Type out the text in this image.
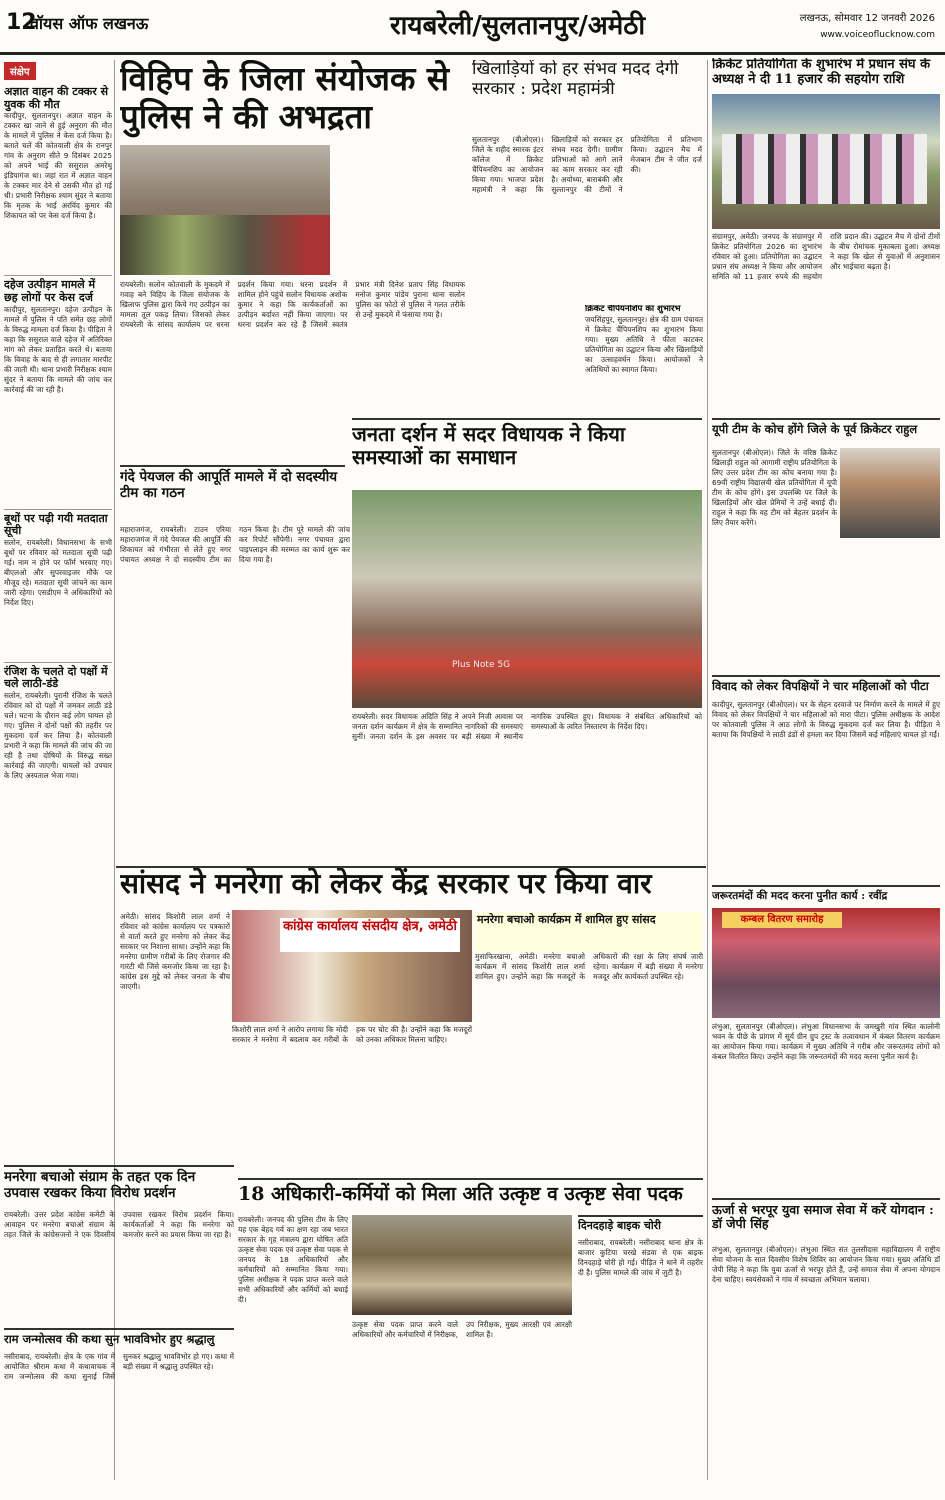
12
वॉयस ऑफ लखनऊ	रायबरेली/सुलतानपुर/अमेठी	लखनऊ, सोमवार 12 जनवरी 2026
www.voiceoflucknow.com
संक्षेप
अज्ञात वाहन की टक्कर से युवक की मौत
कादीपुर, सुलतानपुर। अज्ञात वाहन के टक्कर खा जाने से हुई अनुराग की मौत के मामले में पुलिस ने केस दर्ज किया है। बताते चलें की कोतवाली क्षेत्र के रानपुर गांव के अनुराग सीते 9 दिसंबर 2025 को अपने भाई की ससुराल अमरेथू इंडियागंज था। जहां रात में अज्ञात वाहन के टक्कर मार देने से उसकी मौत हो गई थी। प्रभारी निरीक्षक श्याम सुंदर ने बताया कि मृतक के भाई अरविंद कुमार की शिकायत को पर केस दर्ज किया है।
दहेज उत्पीड़न मामले में छह लोगों पर केस दर्ज
कादीपुर, सुलतानपुर। दहेज उत्पीड़न के मामले में पुलिस ने पति समेत छह लोगों के विरुद्ध मामला दर्ज किया है। पीड़िता ने कहा कि ससुराल वाले दहेज में अतिरिक्त मांग को लेकर प्रताड़ित करते थे। बताया कि विवाह के बाद से ही लगातार मारपीट की जाती थी। थाना प्रभारी निरीक्षक श्याम सुंदर ने बताया कि मामले की जांच कर कार्रवाई की जा रही है।
बूथों पर पढ़ी गयी मतदाता सूची
सलोन, रायबरेली। विधानसभा के सभी बूथों पर रविवार को मतदाता सूची पढ़ी गई। नाम न होने पर फॉर्म भरवाए गए। बीएलओ और सुपरवाइजर मौके पर मौजूद रहे। मतदाता सूची जांचने का काम जारी रहेगा। एसडीएम ने अधिकारियों को निर्देश दिए।
रंजिश के चलते दो पक्षों में चले लाठी-डंडे
सलोन, रायबरेली। पुरानी रंजिश के चलते रविवार को दो पक्षों में जमकर लाठी डंडे चले। घटना के दौरान कई लोग घायल हो गए। पुलिस ने दोनों पक्षों की तहरीर पर मुकदमा दर्ज कर लिया है। कोतवाली प्रभारी ने कहा कि मामले की जांच की जा रही है तथा दोषियों के विरुद्ध सख्त कार्रवाई की जाएगी। घायलों को उपचार के लिए अस्पताल भेजा गया।
विहिप के जिला संयोजक से पुलिस ने की अभद्रता
रायबरेली। सलोन कोतवाली के मुकदमे में गवाह बने विहिप के जिला संयोजक के खिलाफ पुलिस द्वारा किये गए उत्पीड़न का मामला तूल पकड़ लिया। जिसको लेकर रायबरेली के सांसद कार्यालय पर धरना प्रदर्शन किया गया। धरना प्रदर्शन में शामिल होने पहुंचे सलोन विधायक अशोक कुमार ने कहा कि कार्यकर्ताओं का उत्पीड़न बर्दाश्त नहीं किया जाएगा। पर धरना प्रदर्शन कर रहे हैं जिसमें स्वतंत्र प्रभार मंत्री दिनेश प्रताप सिंह विधायक मनोज कुमार पांडेय पुराना थाना सलोन पुलिस का फोटो से पुलिस ने गलत तरीके से उन्हें मुकदमे में फंसाया गया है।
खिलाड़ियों को हर संभव मदद देगी सरकार : प्रदेश महामंत्री
सुलतानपुर (बीओएल)। जिले के शहीद स्मारक इंटर कॉलेज में क्रिकेट चैंपियनशिप का आयोजन किया गया। भाजपा प्रदेश महामंत्री ने कहा कि खिलाड़ियों को सरकार हर संभव मदद देगी। ग्रामीण प्रतिभाओं को आगे लाने का काम सरकार कर रही है। अयोध्या, बाराबंकी और सुल्तानपुर की टीमों ने प्रतियोगिता में प्रतिभाग किया। उद्घाटन मैच में मेजबान टीम ने जीत दर्ज की।
क्रिकेट चैंपियनशिप का शुभारंभ
जयसिंहपुर, सुलतानपुर। क्षेत्र की ग्राम पंचायत में क्रिकेट चैंपियनशिप का शुभारंभ किया गया। मुख्य अतिथि ने फीता काटकर प्रतियोगिता का उद्घाटन किया और खिलाड़ियों का उत्साहवर्धन किया। आयोजकों ने अतिथियों का स्वागत किया।
क्रिकेट प्रतियोगिता के शुभारंभ में प्रधान संघ के अध्यक्ष ने दी 11 हजार की सहयोग राशि
संग्रामपुर, अमेठी। जनपद के संग्रामपुर में क्रिकेट प्रतियोगिता 2026 का शुभारंभ रविवार को हुआ। प्रतियोगिता का उद्घाटन प्रधान संघ अध्यक्ष ने किया और आयोजन समिति को 11 हजार रुपये की सहयोग राशि प्रदान की। उद्घाटन मैच में दोनों टीमों के बीच रोमांचक मुकाबला हुआ। अध्यक्ष ने कहा कि खेल से युवाओं में अनुशासन और भाईचारा बढ़ता है।
यूपी टीम के कोच होंगे जिले के पूर्व क्रिकेटर राहुल
सुलतानपुर (बीओएल)। जिले के वरिष्ठ क्रिकेट खिलाड़ी राहुल को आगामी राष्ट्रीय प्रतियोगिता के लिए उत्तर प्रदेश टीम का कोच बनाया गया है। 69वीं राष्ट्रीय विद्यालयी खेल प्रतियोगिता में यूपी टीम के कोच होंगे। इस उपलब्धि पर जिले के खिलाड़ियों और खेल प्रेमियों ने उन्हें बधाई दी। राहुल ने कहा कि वह टीम को बेहतर प्रदर्शन के लिए तैयार करेंगे।
विवाद को लेकर विपक्षियों ने चार महिलाओं को पीटा
कादीपुर, सुलतानपुर (बीओएल)। घर के सेहन दरवाजे पर निर्माण करने के मामले में हुए विवाद को लेकर विपक्षियों ने चार महिलाओं को मारा पीटा। पुलिस अधीक्षक के आदेश पर कोतवाली पुलिस ने आठ लोगों के विरुद्ध मुकदमा दर्ज कर लिया है। पीड़िता ने बताया कि विपक्षियों ने लाठी डंडों से हमला कर दिया जिसमें कई महिलाएं घायल हो गईं।
जरूरतमंदों की मदद करना पुनीत कार्य : रवींद्र
कम्बल वितरण समारोह
लंभुआ, सुलतानपुर (बीओएल)। लंभुआ विधानसभा के जमखुरी गांव स्थित कालोनी भवन के पीछे के प्रांगण में सूर्य ग्रीन ग्रुप ट्रस्ट के तत्वावधान में कंबल वितरण कार्यक्रम का आयोजन किया गया। कार्यक्रम में मुख्य अतिथि ने गरीब और जरूरतमंद लोगों को कंबल वितरित किए। उन्होंने कहा कि जरूरतमंदों की मदद करना पुनीत कार्य है।
ऊर्जा से भरपूर युवा समाज सेवा में करें योगदान : डॉ जेपी सिंह
लंभुआ, सुलतानपुर (बीओएल)। लंभुआ स्थित संत तुलसीदास महाविद्यालय में राष्ट्रीय सेवा योजना के सात दिवसीय विशेष शिविर का आयोजन किया गया। मुख्य अतिथि डॉ जेपी सिंह ने कहा कि युवा ऊर्जा से भरपूर होते हैं, उन्हें समाज सेवा में अपना योगदान देना चाहिए। स्वयंसेवकों ने गांव में स्वच्छता अभियान चलाया।
गंदे पेयजल की आपूर्ति मामले में दो सदस्यीय टीम का गठन
महाराजगंज, रायबरेली। टाउन एरिया महाराजगंज में गंदे पेयजल की आपूर्ति की शिकायत को गंभीरता से लेते हुए नगर पंचायत अध्यक्ष ने दो सदस्यीय टीम का गठन किया है। टीम पूरे मामले की जांच कर रिपोर्ट सौंपेगी। नगर पंचायत द्वारा पाइपलाइन की मरम्मत का कार्य शुरू कर दिया गया है।
जनता दर्शन में सदर विधायक ने किया समस्याओं का समाधान
Plus Note 5G
रायबरेली। सदर विधायक अदिति सिंह ने अपने निजी आवास पर जनता दर्शन कार्यक्रम में क्षेत्र के सम्मानित नागरिकों की समस्याएं सुनीं। जनता दर्शन के इस अवसर पर बड़ी संख्या में स्थानीय नागरिक उपस्थित हुए। विधायक ने संबंधित अधिकारियों को समस्याओं के त्वरित निस्तारण के निर्देश दिए।
सांसद ने मनरेगा को लेकर केंद्र सरकार पर किया वार
अमेठी। सांसद किशोरी लाल शर्मा ने रविवार को कांग्रेस कार्यालय पर पत्रकारों से वार्ता करते हुए मनरेगा को लेकर केंद्र सरकार पर निशाना साधा। उन्होंने कहा कि मनरेगा ग्रामीण गरीबों के लिए रोजगार की गारंटी थी जिसे कमजोर किया जा रहा है। कांग्रेस इस मुद्दे को लेकर जनता के बीच जाएगी।
कांग्रेस कार्यालय संसदीय क्षेत्र, अमेठी
किशोरी लाल शर्मा ने आरोप लगाया कि मोदी सरकार ने मनरेगा में बदलाव कर गरीबों के हक पर चोट की है। उन्होंने कहा कि मजदूरों को उनका अधिकार मिलना चाहिए।
मनरेगा बचाओ कार्यक्रम में शामिल हुए सांसद
मुसाफिरखाना, अमेठी। मनरेगा बचाओ कार्यक्रम में सांसद किशोरी लाल शर्मा शामिल हुए। उन्होंने कहा कि मजदूरों के अधिकारों की रक्षा के लिए संघर्ष जारी रहेगा। कार्यक्रम में बड़ी संख्या में मनरेगा मजदूर और कार्यकर्ता उपस्थित रहे।
मनरेगा बचाओ संग्राम के तहत एक दिन उपवास रखकर किया विरोध प्रदर्शन
रायबरेली। उत्तर प्रदेश कांग्रेस कमेटी के आवाहन पर मनरेगा बचाओ संग्राम के तहत जिले के कांग्रेसजनों ने एक दिवसीय उपवास रखकर विरोध प्रदर्शन किया। कार्यकर्ताओं ने कहा कि मनरेगा को कमजोर करने का प्रयास किया जा रहा है।
राम जन्मोत्सव की कथा सुन भावविभोर हुए श्रद्धालु
नसीराबाद, रायबरेली। क्षेत्र के एक गांव में आयोजित श्रीराम कथा में कथावाचक ने राम जन्मोत्सव की कथा सुनाई जिसे सुनकर श्रद्धालु भावविभोर हो गए। कथा में बड़ी संख्या में श्रद्धालु उपस्थित रहे।
18 अधिकारी-कर्मियों को मिला अति उत्कृष्ट व उत्कृष्ट सेवा पदक
रायबरेली। जनपद की पुलिस टीम के लिए यह एक बेहद गर्व का क्षण रहा जब भारत सरकार के गृह मंत्रालय द्वारा घोषित अति उत्कृष्ट सेवा पदक एवं उत्कृष्ट सेवा पदक से जनपद के 18 अधिकारियों और कर्मचारियों को सम्मानित किया गया। पुलिस अधीक्षक ने पदक प्राप्त करने वाले सभी अधिकारियों और कर्मियों को बधाई दी।
उत्कृष्ट सेवा पदक प्राप्त करने वाले अधिकारियों और कर्मचारियों में निरीक्षक, उप निरीक्षक, मुख्य आरक्षी एवं आरक्षी शामिल हैं।
दिनदहाड़े बाइक चोरी
नसीराबाद, रायबरेली। नसीराबाद थाना क्षेत्र के बाजार कुटिया चरखे संडवा से एक बाइक दिनदहाड़े चोरी हो गई। पीड़ित ने थाने में तहरीर दी है। पुलिस मामले की जांच में जुटी है।
